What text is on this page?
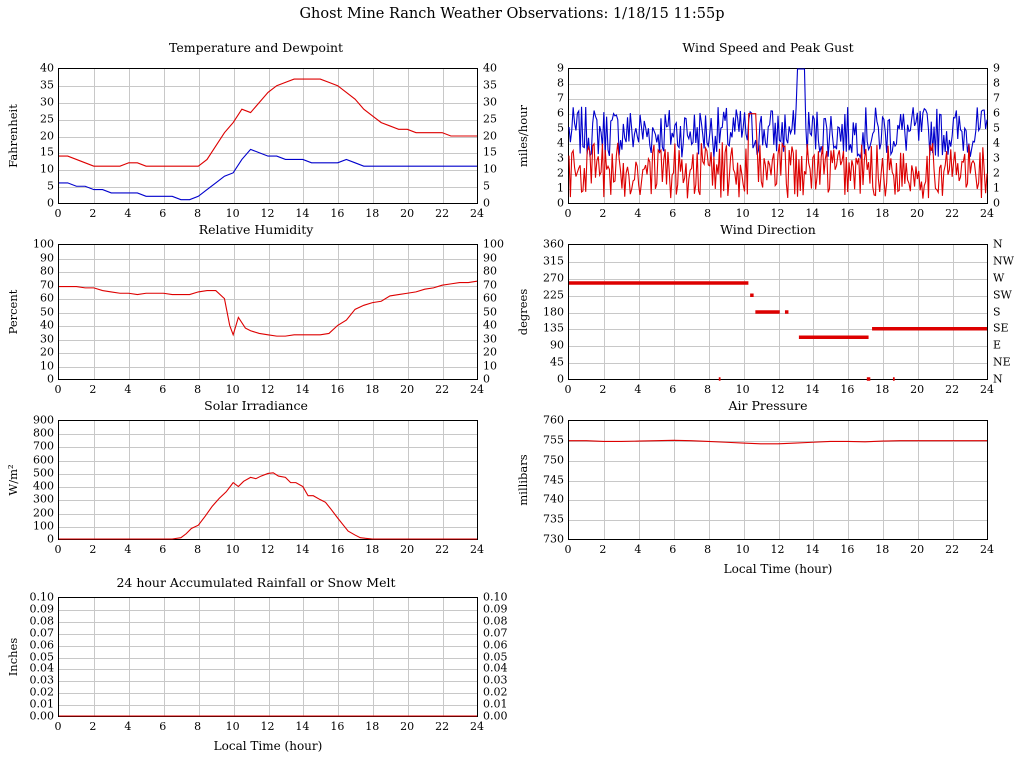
Ghost Mine Ranch Weather Observations: 1/18/15 11:55p
Temperature and Dewpoint
0	2	4	6	8 10 12 14 16 18 20 22 24
0
5
10
15
20
25
30
35
40
0
5
10
15
20
25
30
35
40
Fahrenheit
Wind Speed and Peak Gust
0	2	4	6	8 10 12 14 16 18 20 22 24
0
1
2
3
4
5
6
7
8
9
0
1
2
3
4
5
6
7
8
9
miles/hour
Relative Humidity
0	2	4	6	8 10 12 14 16 18 20 22 24
0
10
20
30
40
50
60
70
80
90
100
0
10
20
30
40
50
60
70
80
90
100
Percent
Wind Direction
0	2	4	6	8 10 12 14 16 18 20 22 24
0
45
90
135
180
225
270
315
360
N
NE
E
SE
S
SW
W
NW
N
degrees
Solar Irradiance
0	2	4	6	8 10 12 14 16 18 20 22 24
0
100
200
300
400
500
600
700
800
900
W/m²
Air Pressure
0	2	4	6	8 10 12 14 16 18 20 22 24
730
735
740
745
750
755
760
millibars
Local Time (hour)
24 hour Accumulated Rainfall or Snow Melt
0	2	4	6	8 10 12 14 16 18 20 22 24
0.00
0.01
0.02
0.03
0.04
0.05
0.06
0.07
0.08
0.09
0.10
0.00
0.01
0.02
0.03
0.04
0.05
0.06
0.07
0.08
0.09
0.10
Inches
Local Time (hour)
